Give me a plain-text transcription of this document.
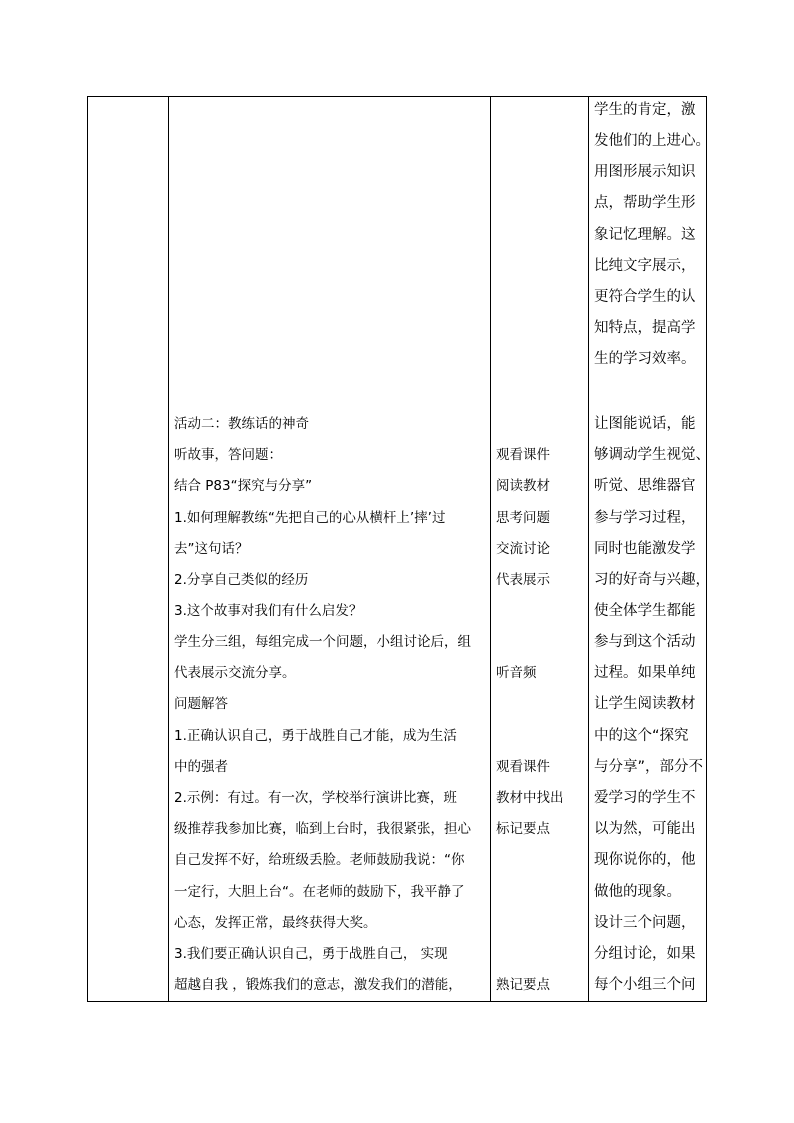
活动二：教练话的神奇
听故事，答问题：
结合 P83“探究与分享”
1.如何理解教练“先把自己的心从横杆上’摔’过
去”这句话？
2.分享自己类似的经历
3.这个故事对我们有什么启发？
学生分三组，每组完成一个问题，小组讨论后，组
代表展示交流分享。
问题解答
1.正确认识自己，勇于战胜自己才能，成为生活
中的强者
2.示例：有过。有一次，学校举行演讲比赛，班
级推荐我参加比赛，临到上台时，我很紧张，担心
自己发挥不好，给班级丢脸。老师鼓励我说：“你
一定行，大胆上台“。在老师的鼓励下，我平静了
心态，发挥正常，最终获得大奖。
3.我们要正确认识自己，勇于战胜自己， 实现
超越自我 ，锻炼我们的意志，激发我们的潜能，
观看课件
阅读教材
思考问题
交流讨论
代表展示
听音频
观看课件
教材中找出
标记要点
熟记要点
学生的肯定，激
发他们的上进心。
用图形展示知识
点，帮助学生形
象记忆理解。这
比纯文字展示，
更符合学生的认
知特点，提高学
生的学习效率。
让图能说话，能
够调动学生视觉、
听觉、思维器官
参与学习过程，
同时也能激发学
习的好奇与兴趣，
使全体学生都能
参与到这个活动
过程。如果单纯
让学生阅读教材
中的这个“探究
与分享”，部分不
爱学习的学生不
以为然，可能出
现你说你的，他
做他的现象。
设计三个问题，
分组讨论，如果
每个小组三个问
